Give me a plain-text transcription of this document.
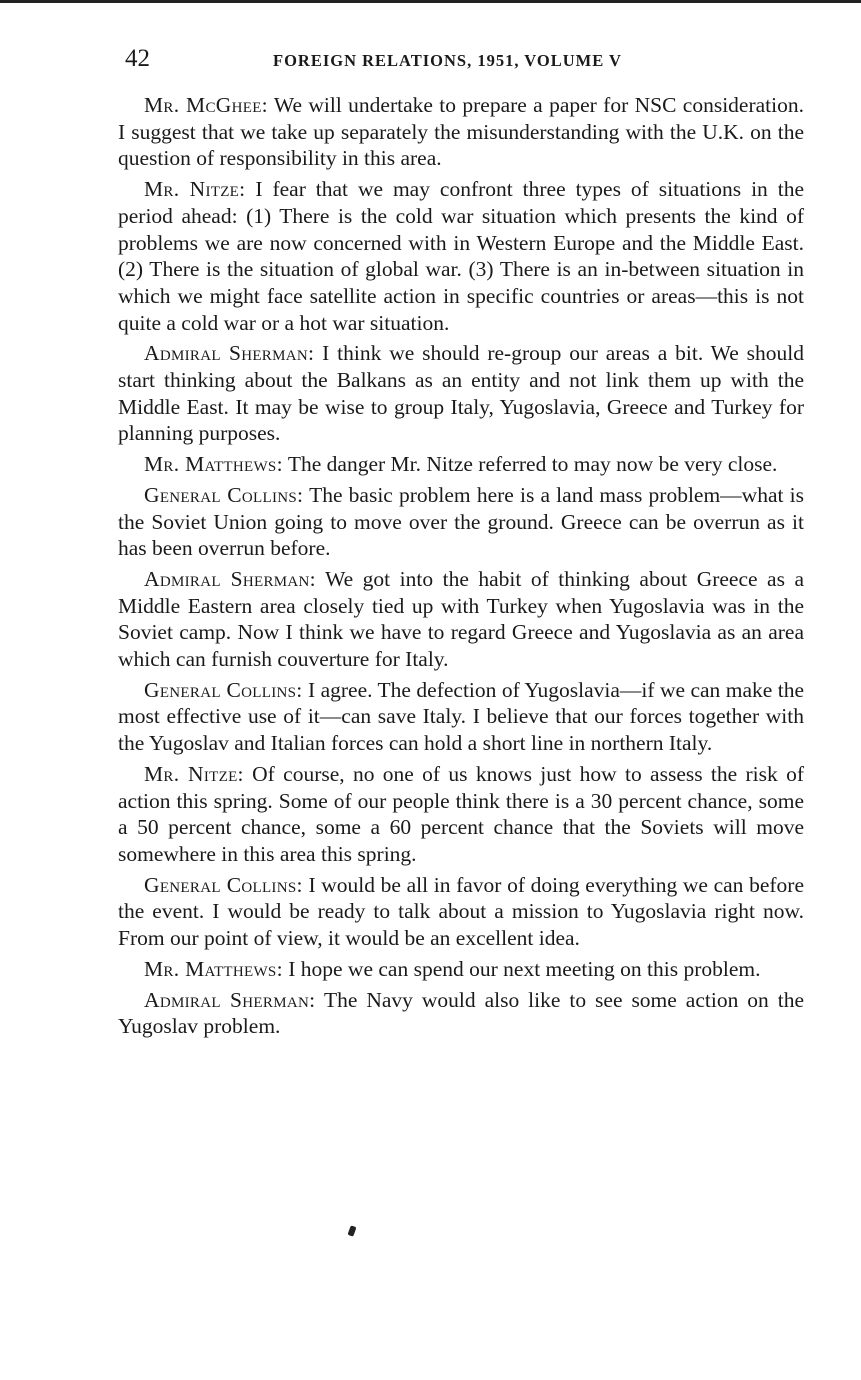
42	FOREIGN RELATIONS, 1951, VOLUME V

Mr. McGhee: We will undertake to prepare a paper for NSC consideration. I suggest that we take up separately the misunderstanding with the U.K. on the question of responsibility in this area.

Mr. Nitze: I fear that we may confront three types of situations in the period ahead: (1) There is the cold war situation which presents the kind of problems we are now concerned with in Western Europe and the Middle East. (2) There is the situation of global war. (3) There is an in-between situation in which we might face satellite action in specific countries or areas—this is not quite a cold war or a hot war situation.

Admiral Sherman: I think we should re-group our areas a bit. We should start thinking about the Balkans as an entity and not link them up with the Middle East. It may be wise to group Italy, Yugoslavia, Greece and Turkey for planning purposes.

Mr. Matthews: The danger Mr. Nitze referred to may now be very close.

General Collins: The basic problem here is a land mass problem—what is the Soviet Union going to move over the ground. Greece can be overrun as it has been overrun before.

Admiral Sherman: We got into the habit of thinking about Greece as a Middle Eastern area closely tied up with Turkey when Yugoslavia was in the Soviet camp. Now I think we have to regard Greece and Yugoslavia as an area which can furnish couverture for Italy.

General Collins: I agree. The defection of Yugoslavia—if we can make the most effective use of it—can save Italy. I believe that our forces together with the Yugoslav and Italian forces can hold a short line in northern Italy.

Mr. Nitze: Of course, no one of us knows just how to assess the risk of action this spring. Some of our people think there is a 30 percent chance, some a 50 percent chance, some a 60 percent chance that the Soviets will move somewhere in this area this spring.

General Collins: I would be all in favor of doing everything we can before the event. I would be ready to talk about a mission to Yugoslavia right now. From our point of view, it would be an excellent idea.

Mr. Matthews: I hope we can spend our next meeting on this problem.

Admiral Sherman: The Navy would also like to see some action on the Yugoslav problem.
